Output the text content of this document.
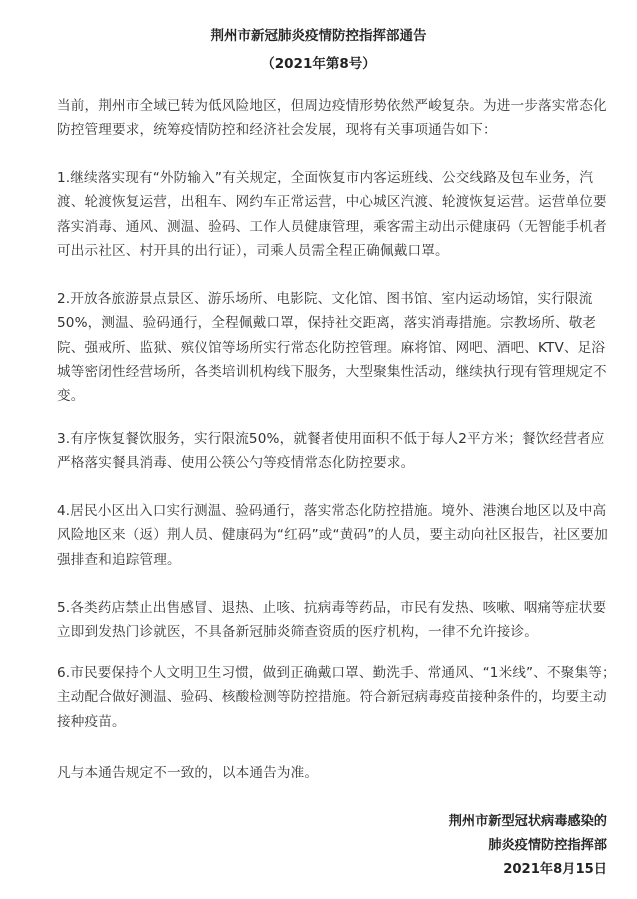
荆州市新冠肺炎疫情防控指挥部通告
（2021年第8号）

当前，荆州市全域已转为低风险地区，但周边疫情形势依然严峻复杂。为进一步落实常态化防控管理要求，统筹疫情防控和经济社会发展，现将有关事项通告如下：

1.继续落实现有“外防输入”有关规定，全面恢复市内客运班线、公交线路及包车业务，汽渡、轮渡恢复运营，出租车、网约车正常运营，中心城区汽渡、轮渡恢复运营。运营单位要落实消毒、通风、测温、验码、工作人员健康管理，乘客需主动出示健康码（无智能手机者可出示社区、村开具的出行证），司乘人员需全程正确佩戴口罩。

2.开放各旅游景点景区、游乐场所、电影院、文化馆、图书馆、室内运动场馆，实行限流50%，测温、验码通行，全程佩戴口罩，保持社交距离，落实消毒措施。宗教场所、敬老院、强戒所、监狱、殡仪馆等场所实行常态化防控管理。麻将馆、网吧、酒吧、KTV、足浴城等密闭性经营场所，各类培训机构线下服务，大型聚集性活动，继续执行现有管理规定不变。

3.有序恢复餐饮服务，实行限流50%，就餐者使用面积不低于每人2平方米；餐饮经营者应严格落实餐具消毒、使用公筷公勺等疫情常态化防控要求。

4.居民小区出入口实行测温、验码通行，落实常态化防控措施。境外、港澳台地区以及中高风险地区来（返）荆人员、健康码为“红码”或“黄码”的人员，要主动向社区报告，社区要加强排查和追踪管理。

5.各类药店禁止出售感冒、退热、止咳、抗病毒等药品，市民有发热、咳嗽、咽痛等症状要立即到发热门诊就医，不具备新冠肺炎筛查资质的医疗机构，一律不允许接诊。

6.市民要保持个人文明卫生习惯，做到正确戴口罩、勤洗手、常通风、“1米线”、不聚集等；主动配合做好测温、验码、核酸检测等防控措施。符合新冠病毒疫苗接种条件的，均要主动接种疫苗。

凡与本通告规定不一致的，以本通告为准。

荆州市新型冠状病毒感染的
肺炎疫情防控指挥部
2021年8月15日
